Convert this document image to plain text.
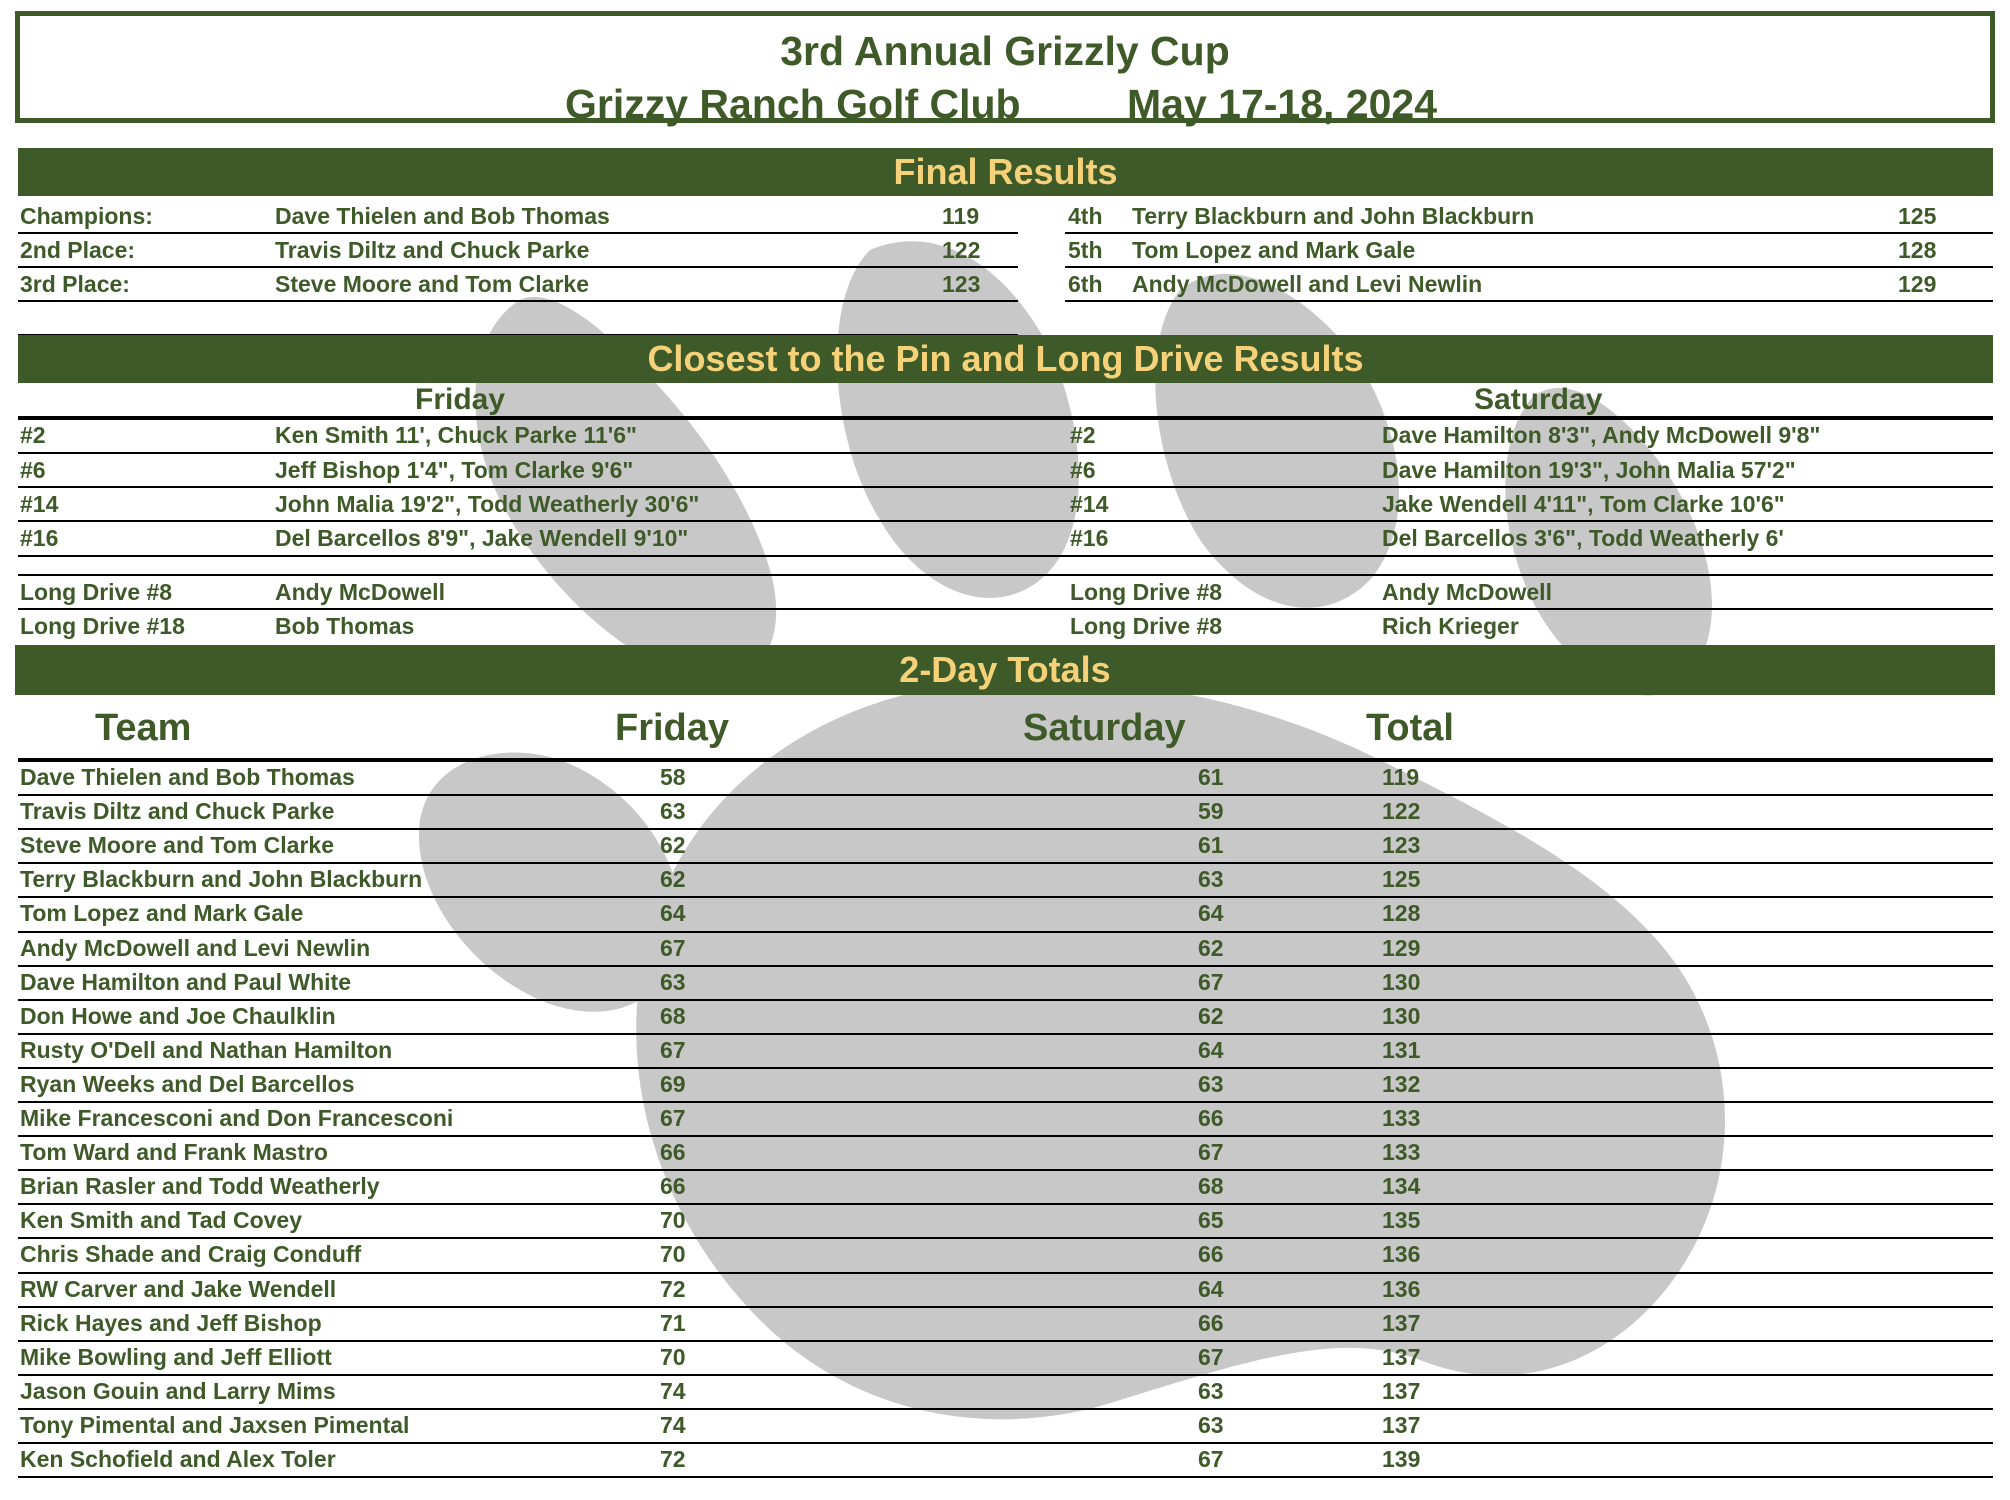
3rd Annual Grizzly Cup
Grizzy Ranch Golf Club	May 17-18, 2024
Final Results
Champions:	Dave Thielen and Bob Thomas	119
2nd Place:	Travis Diltz and Chuck Parke	122
3rd Place:	Steve Moore and Tom Clarke	123
4th Terry Blackburn and John Blackburn	125
5th Tom Lopez and Mark Gale	128
6th Andy McDowell and Levi Newlin	129
Closest to the Pin and Long Drive Results
Friday	Saturday
#2	Ken Smith 11', Chuck Parke 11'6"	#2	Dave Hamilton 8'3", Andy McDowell 9'8"
#6	Jeff Bishop 1'4", Tom Clarke 9'6"	#6	Dave Hamilton 19'3", John Malia 57'2"
#14	John Malia 19'2", Todd Weatherly 30'6"	#14	Jake Wendell 4'11", Tom Clarke 10'6"
#16	Del Barcellos 8'9", Jake Wendell 9'10"	#16	Del Barcellos 3'6", Todd Weatherly 6'
Long Drive #8	Andy McDowell	Long Drive #8	Andy McDowell
Long Drive #18	Bob Thomas	Long Drive #8	Rich Krieger
2-Day Totals
Team	Friday	Saturday	Total
Dave Thielen and Bob Thomas	58	61	119
Travis Diltz and Chuck Parke	63	59	122
Steve Moore and Tom Clarke	62	61	123
Terry Blackburn and John Blackburn	62	63	125
Tom Lopez and Mark Gale	64	64	128
Andy McDowell and Levi Newlin	67	62	129
Dave Hamilton and Paul White	63	67	130
Don Howe and Joe Chaulklin	68	62	130
Rusty O'Dell and Nathan Hamilton	67	64	131
Ryan Weeks and Del Barcellos	69	63	132
Mike Francesconi and Don Francesconi	67	66	133
Tom Ward and Frank Mastro	66	67	133
Brian Rasler and Todd Weatherly	66	68	134
Ken Smith and Tad Covey	70	65	135
Chris Shade and Craig Conduff	70	66	136
RW Carver and Jake Wendell	72	64	136
Rick Hayes and Jeff Bishop	71	66	137
Mike Bowling and Jeff Elliott	70	67	137
Jason Gouin and Larry Mims	74	63	137
Tony Pimental and Jaxsen Pimental	74	63	137
Ken Schofield and Alex Toler	72	67	139
